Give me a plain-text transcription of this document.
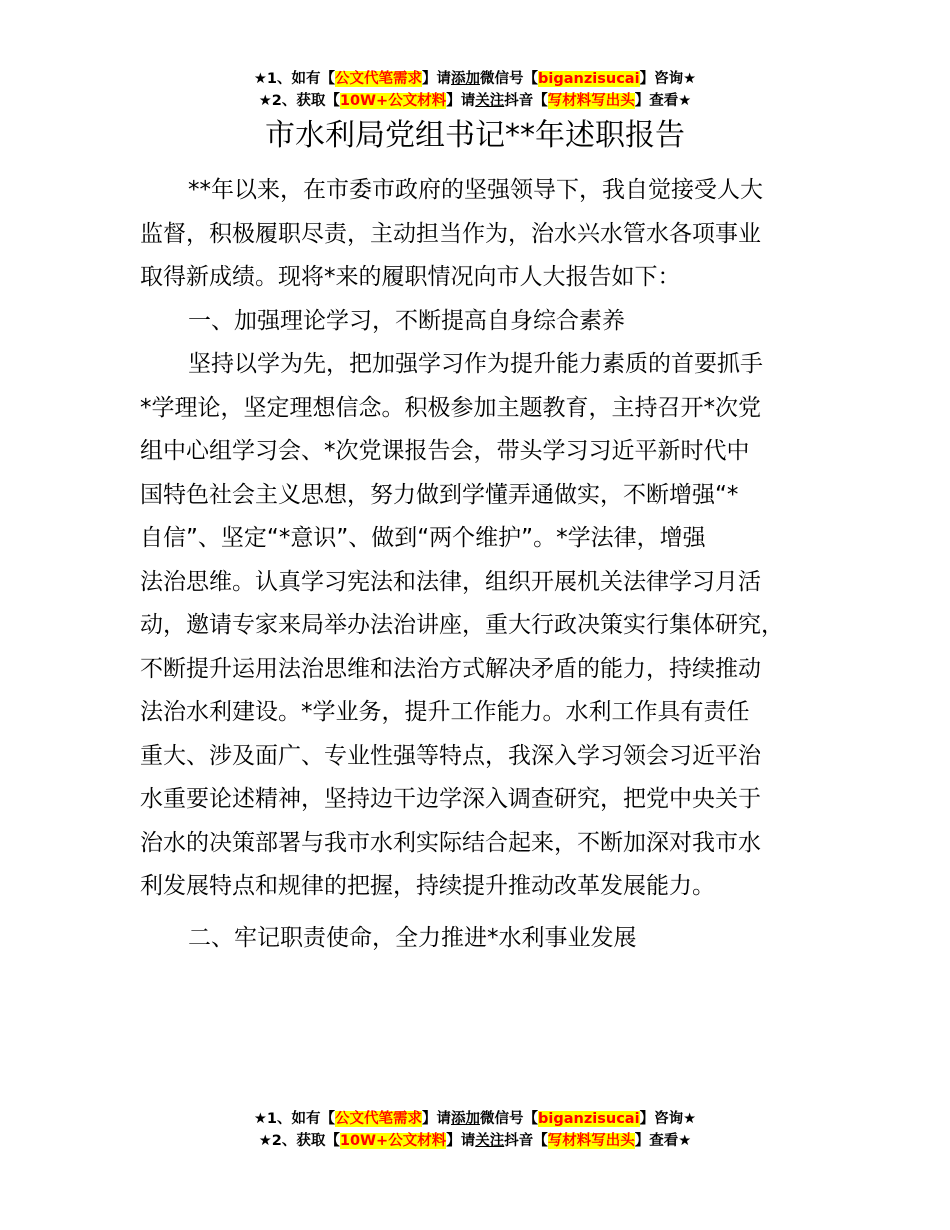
★1、如有【公文代笔需求】请添加微信号【biganzisucai】咨询★
★2、获取【10W+公文材料】请关注抖音【写材料写出头】查看★
市水利局党组书记**年述职报告
**年以来，在市委市政府的坚强领导下，我自觉接受人大
监督，积极履职尽责，主动担当作为，治水兴水管水各项事业
取得新成绩。现将*来的履职情况向市人大报告如下：
一、加强理论学习，不断提高自身综合素养
坚持以学为先，把加强学习作为提升能力素质的首要抓手
*学理论，坚定理想信念。积极参加主题教育，主持召开*次党
组中心组学习会、*次党课报告会，带头学习习近平新时代中
国特色社会主义思想，努力做到学懂弄通做实，不断增强“*
自信”、坚定“*意识”、做到“两个维护”。*学法律，增强
法治思维。认真学习宪法和法律，组织开展机关法律学习月活
动，邀请专家来局举办法治讲座，重大行政决策实行集体研究，
不断提升运用法治思维和法治方式解决矛盾的能力，持续推动
法治水利建设。*学业务，提升工作能力。水利工作具有责任
重大、涉及面广、专业性强等特点，我深入学习领会习近平治
水重要论述精神，坚持边干边学深入调查研究，把党中央关于
治水的决策部署与我市水利实际结合起来，不断加深对我市水
利发展特点和规律的把握，持续提升推动改革发展能力。
二、牢记职责使命，全力推进*水利事业发展
★1、如有【公文代笔需求】请添加微信号【biganzisucai】咨询★
★2、获取【10W+公文材料】请关注抖音【写材料写出头】查看★
